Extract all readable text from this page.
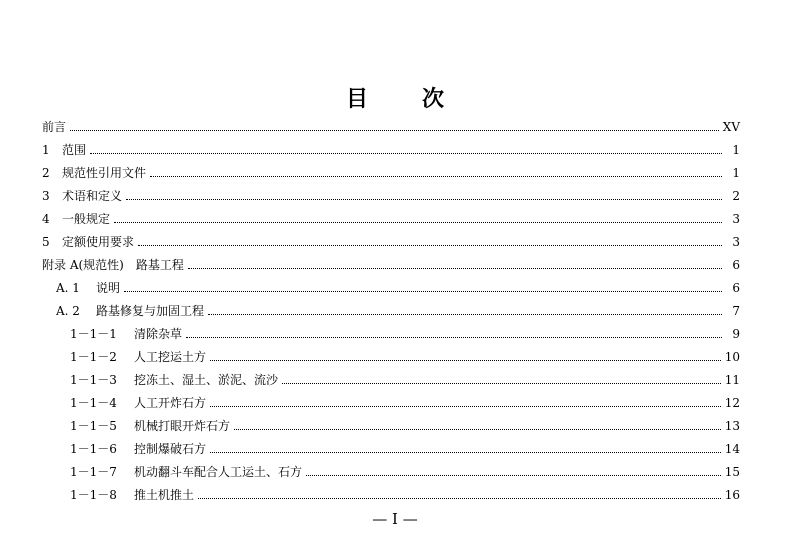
目 次
前言	XV
1	范围	1
2	规范性引用文件	1
3	术语和定义	2
4	一般规定	3
5	定额使用要求	3
附录 A(规范性)　路基工程	6
A. 1	说明	6
A. 2	路基修复与加固工程	7
1－1－1	清除杂草	9
1－1－2	人工挖运土方	10
1－1－3	挖冻土、湿土、淤泥、流沙	11
1－1－4	人工开炸石方	12
1－1－5	机械打眼开炸石方	13
1－1－6	控制爆破石方	14
1－1－7	机动翻斗车配合人工运土、石方	15
1－1－8	推土机推土	16
— I —
